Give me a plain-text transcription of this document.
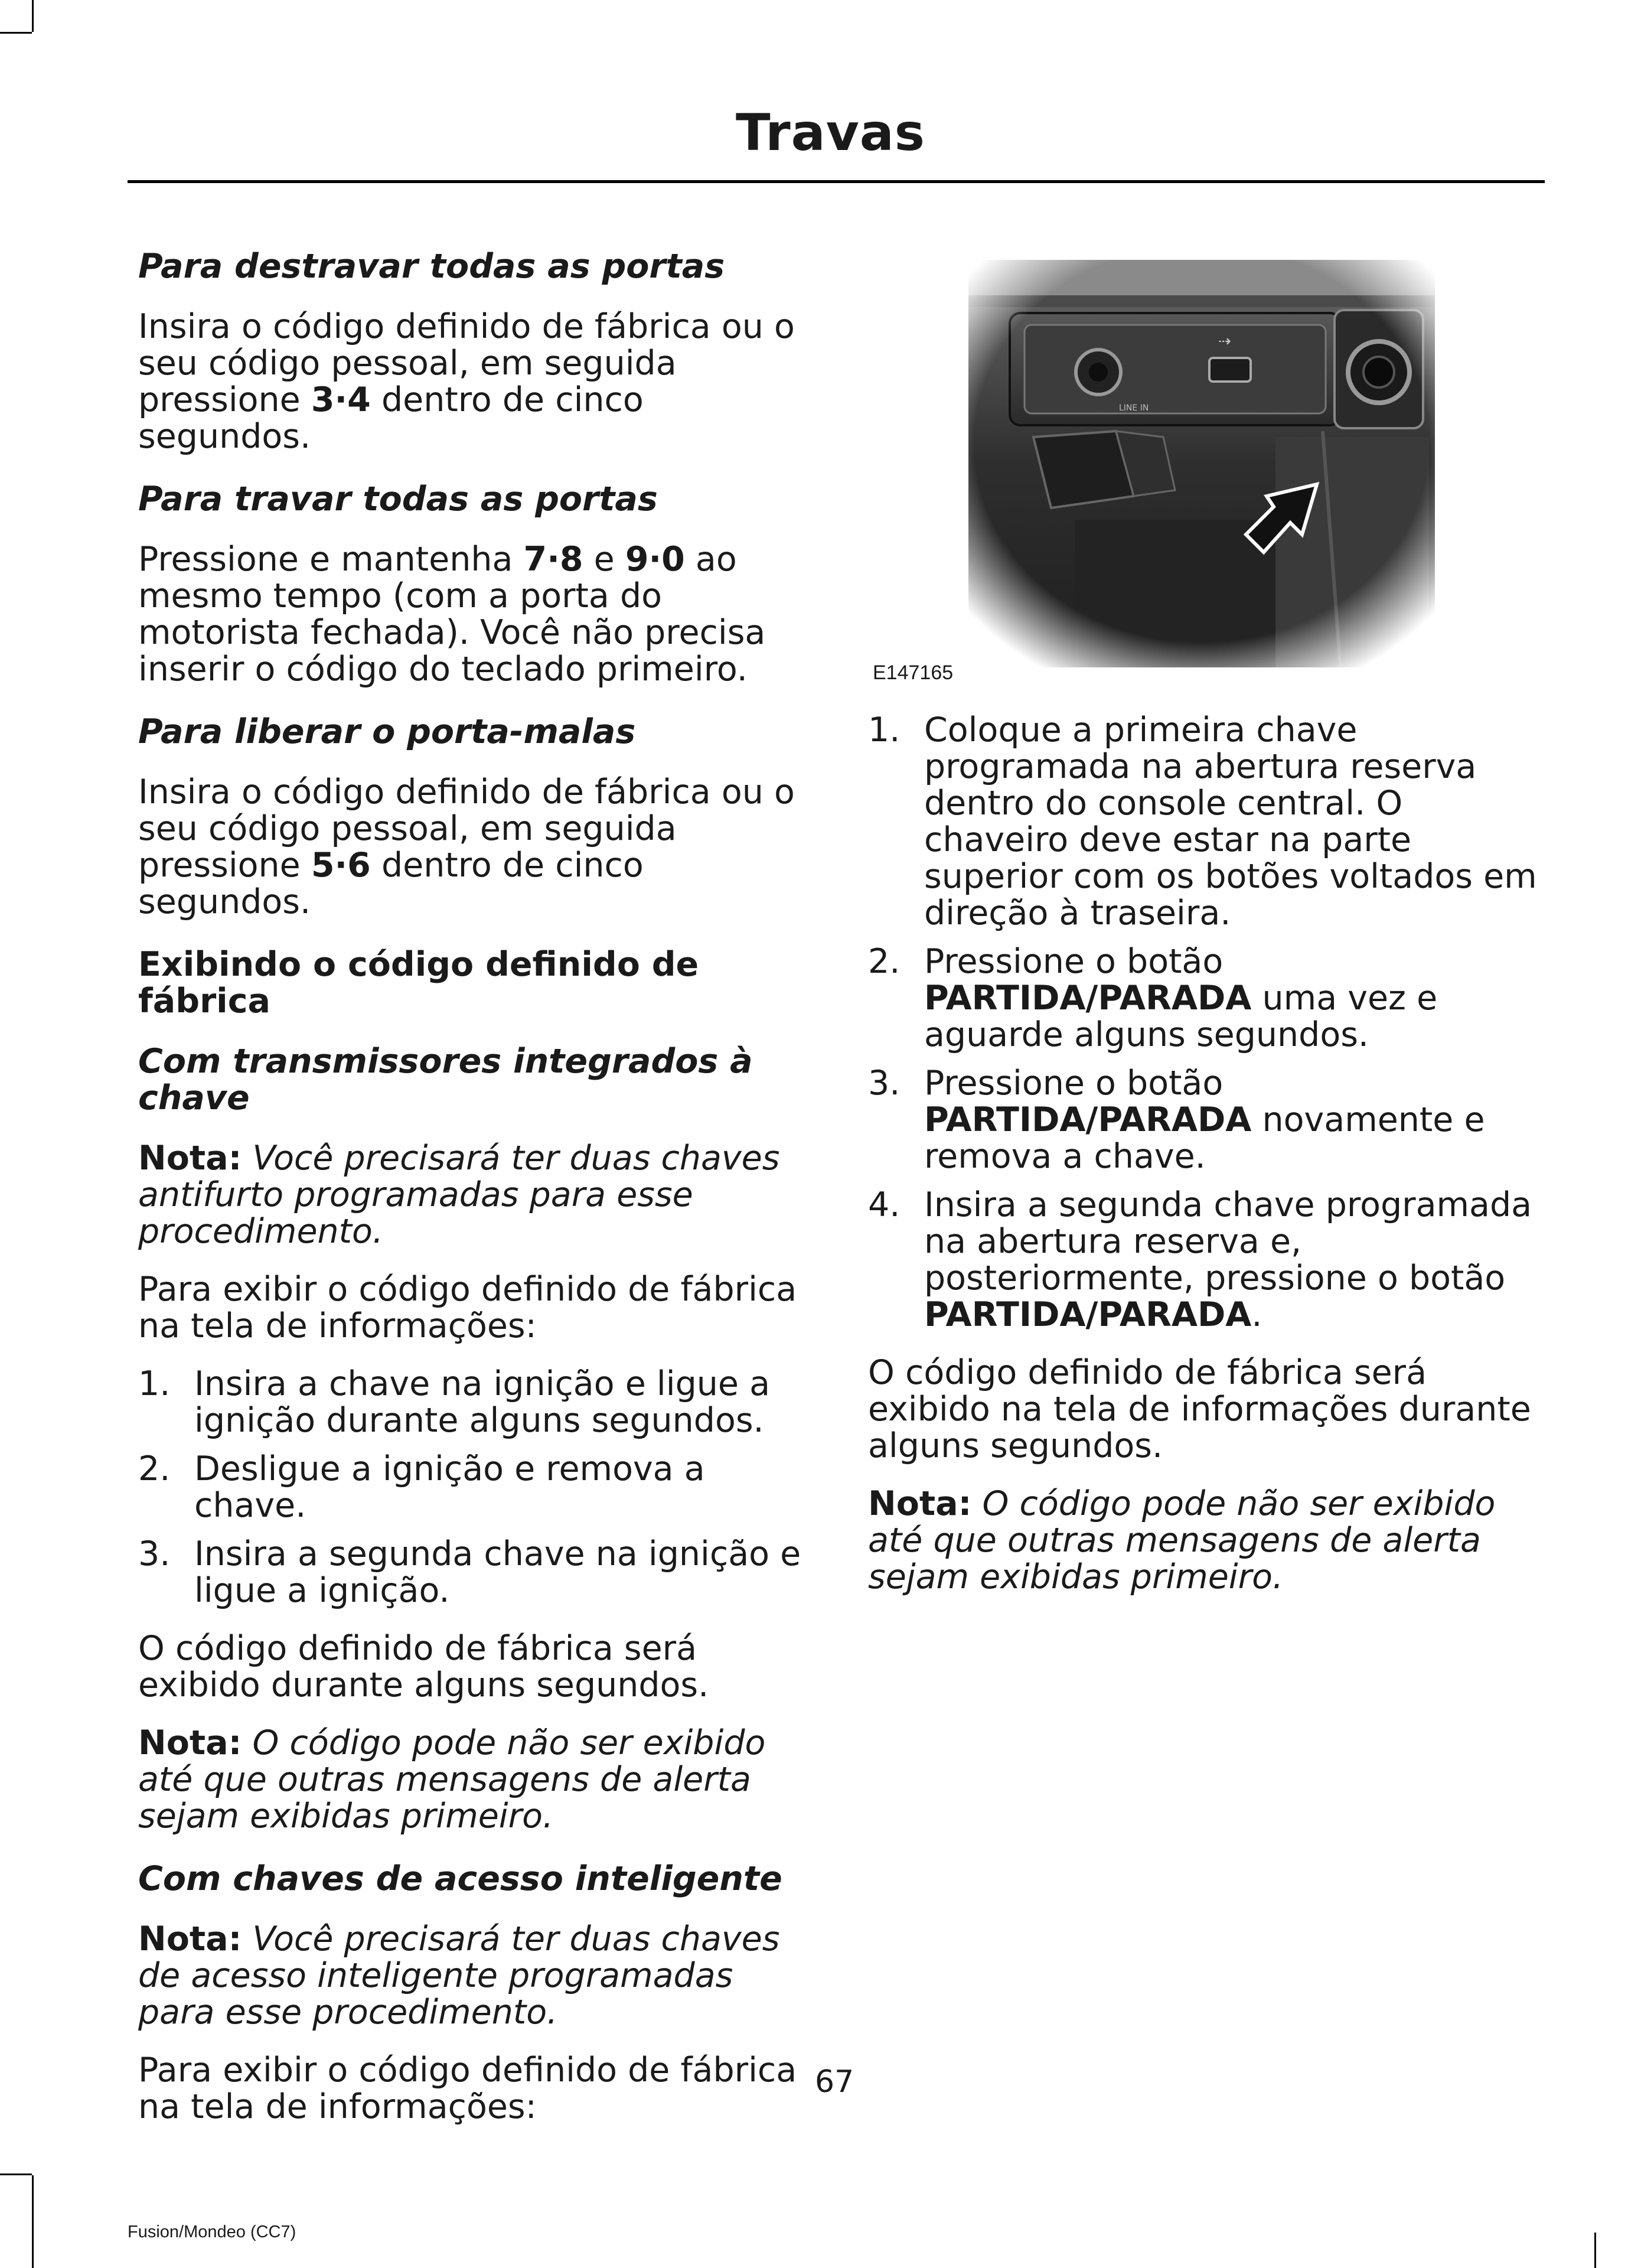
Travas

Para destravar todas as portas

Insira o código definido de fábrica ou o seu código pessoal, em seguida pressione 3·4 dentro de cinco segundos.

Para travar todas as portas

Pressione e mantenha 7·8 e 9·0 ao mesmo tempo (com a porta do motorista fechada). Você não precisa inserir o código do teclado primeiro.

Para liberar o porta-malas

Insira o código definido de fábrica ou o seu código pessoal, em seguida pressione 5·6 dentro de cinco segundos.

Exibindo o código definido de fábrica

Com transmissores integrados à chave

Nota: Você precisará ter duas chaves antifurto programadas para esse procedimento.

Para exibir o código definido de fábrica na tela de informações:

1. Insira a chave na ignição e ligue a ignição durante alguns segundos.
2. Desligue a ignição e remova a chave.
3. Insira a segunda chave na ignição e ligue a ignição.

O código definido de fábrica será exibido durante alguns segundos.

Nota: O código pode não ser exibido até que outras mensagens de alerta sejam exibidas primeiro.

Com chaves de acesso inteligente

Nota: Você precisará ter duas chaves de acesso inteligente programadas para esse procedimento.

Para exibir o código definido de fábrica na tela de informações:

E147165
1. Coloque a primeira chave programada na abertura reserva dentro do console central. O chaveiro deve estar na parte superior com os botões voltados em direção à traseira.
2. Pressione o botão PARTIDA/PARADA uma vez e aguarde alguns segundos.
3. Pressione o botão PARTIDA/PARADA novamente e remova a chave.
4. Insira a segunda chave programada na abertura reserva e, posteriormente, pressione o botão PARTIDA/PARADA.

O código definido de fábrica será exibido na tela de informações durante alguns segundos.

Nota: O código pode não ser exibido até que outras mensagens de alerta sejam exibidas primeiro.

67
Fusion/Mondeo (CC7)
